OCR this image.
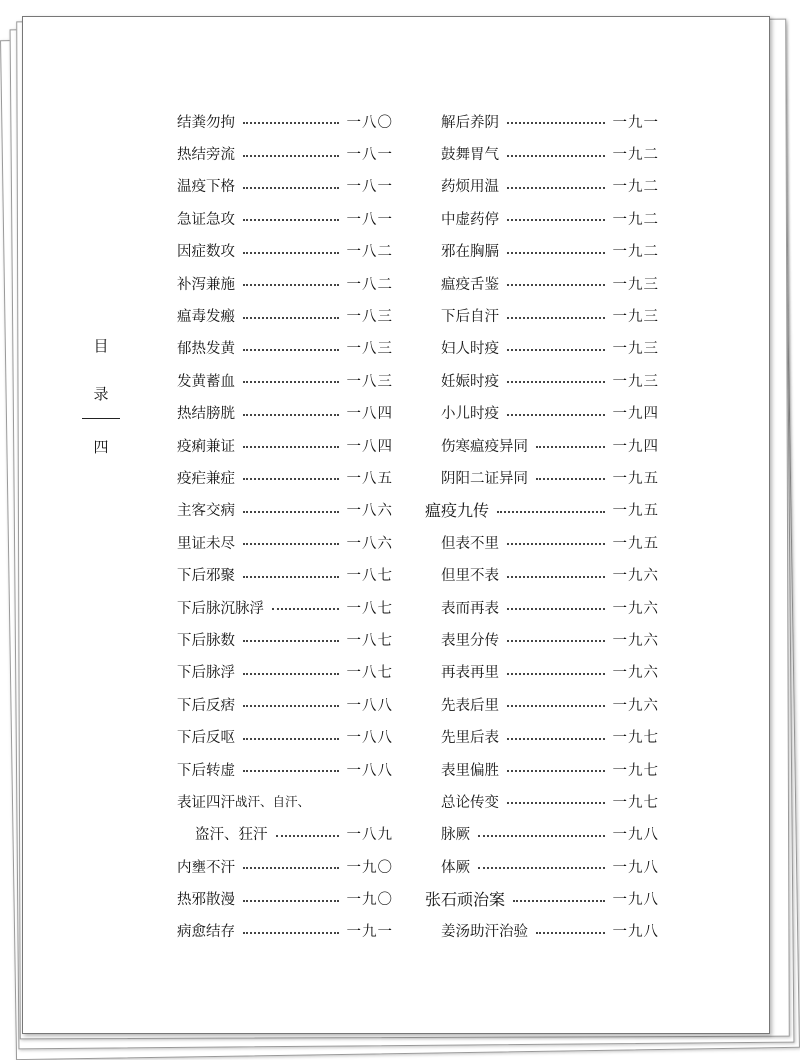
目
录
四
结粪勿拘	一八〇
热结旁流	一八一
温疫下格	一八一
急证急攻	一八一
因症数攻	一八二
补泻兼施	一八二
瘟毒发瘢	一八三
郁热发黄	一八三
发黄蓄血	一八三
热结膀胱	一八四
疫痢兼证	一八四
疫疟兼症	一八五
主客交病	一八六
里证未尽	一八六
下后邪聚	一八七
下后脉沉脉浮	一八七
下后脉数	一八七
下后脉浮	一八七
下后反痞	一八八
下后反呕	一八八
下后转虚	一八八
表证四汗 战汗、自汗、
盗汗、狂汗	一八九
内壅不汗	一九〇
热邪散漫	一九〇
病愈结存	一九一
解后养阴	一九一
鼓舞胃气	一九二
药烦用温	一九二
中虚药停	一九二
邪在胸膈	一九二
瘟疫舌鉴	一九三
下后自汗	一九三
妇人时疫	一九三
妊娠时疫	一九三
小儿时疫	一九四
伤寒瘟疫异同	一九四
阴阳二证异同	一九五
瘟疫九传	一九五
但表不里	一九五
但里不表	一九六
表而再表	一九六
表里分传	一九六
再表再里	一九六
先表后里	一九六
先里后表	一九七
表里偏胜	一九七
总论传变	一九七
脉厥	一九八
体厥	一九八
张石顽治案	一九八
姜汤助汗治验	一九八
